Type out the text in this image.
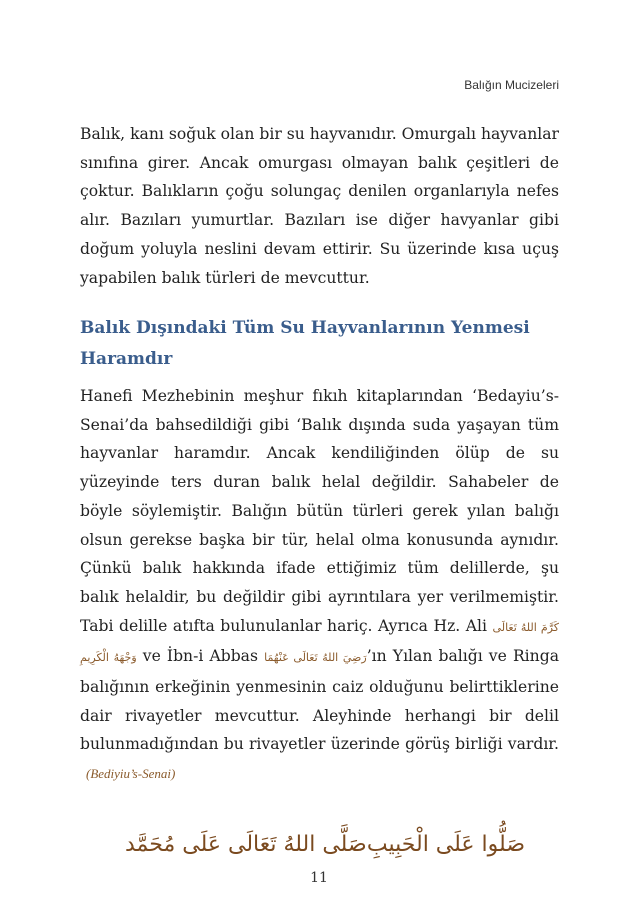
Balığın Mucizeleri

Balık, kanı soğuk olan bir su hayvanıdır. Omurgalı hayvanlar sınıfına girer. Ancak omurgası olmayan balık çeşitleri de çoktur. Balıkların çoğu solungaç denilen organlarıyla nefes alır. Bazıları yumurtlar. Bazıları ise diğer havyanlar gibi doğum yoluyla neslini devam ettirir. Su üzerinde kısa uçuş yapabilen balık türleri de mevcuttur.

Balık Dışındaki Tüm Su Hayvanlarının Yenmesi Haramdır

Hanefi Mezhebinin meşhur fıkıh kitaplarından ‘Bedayiu’s-Senai’da bahsedildiği gibi ‘Balık dışında suda yaşayan tüm hayvanlar haramdır. Ancak kendiliğinden ölüp de su yüzeyinde ters duran balık helal değildir. Sahabeler de böyle söylemiştir. Balığın bütün türleri gerek yılan balığı olsun gerekse başka bir tür, helal olma konusunda aynıdır. Çünkü balık hakkında ifade ettiğimiz tüm delillerde, şu balık helaldir, bu değildir gibi ayrıntılara yer verilmemiştir. Tabi delille atıfta bulunulanlar hariç. Ayrıca Hz. Ali كَرَّمَ اللهُ تَعَالَى وَجْهَهُ الْكَرِيمِ ve İbn-i Abbas رَضِيَ اللهُ تَعَالَى عَنْهُمَا’ın Yılan balığı ve Ringa balığının erkeğinin yenmesinin caiz olduğunu belirttiklerine dair rivayetler mevcuttur. Aleyhinde herhangi bir delil bulunmadığından bu rivayetler üzerinde görüş birliği vardır. (Bediyiu’s-Senai)

صَلُّوا عَلَى الْحَبِيبِ
صَلَّى اللهُ تَعَالَى عَلَى مُحَمَّد
11
